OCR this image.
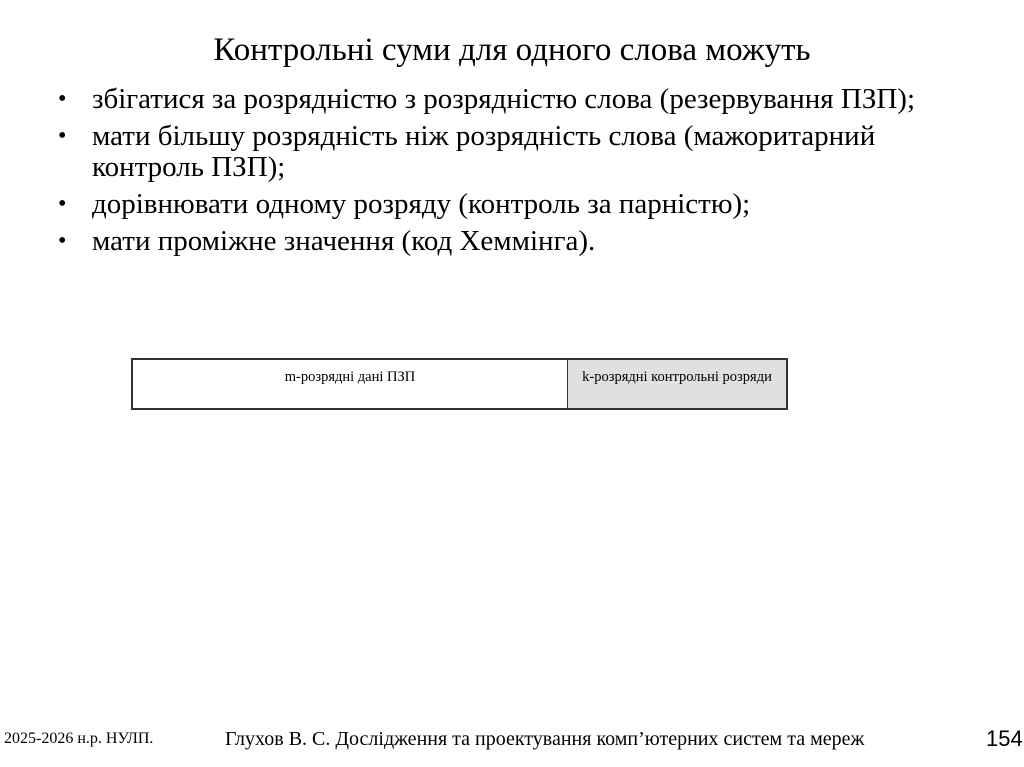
Контрольні суми для одного слова можуть
• збігатися за розрядністю з розрядністю слова (резервування ПЗП);
• мати більшу розрядність ніж розрядність слова (мажоритарний контроль ПЗП);
• дорівнювати одному розряду (контроль за парністю);
• мати проміжне значення (код Хеммінга).
m-розрядні дані ПЗП	k-розрядні контрольні розряди
2025-2026 н.р. НУЛП.	Глухов В. С. Дослідження та проектування комп’ютерних систем та мереж	154
